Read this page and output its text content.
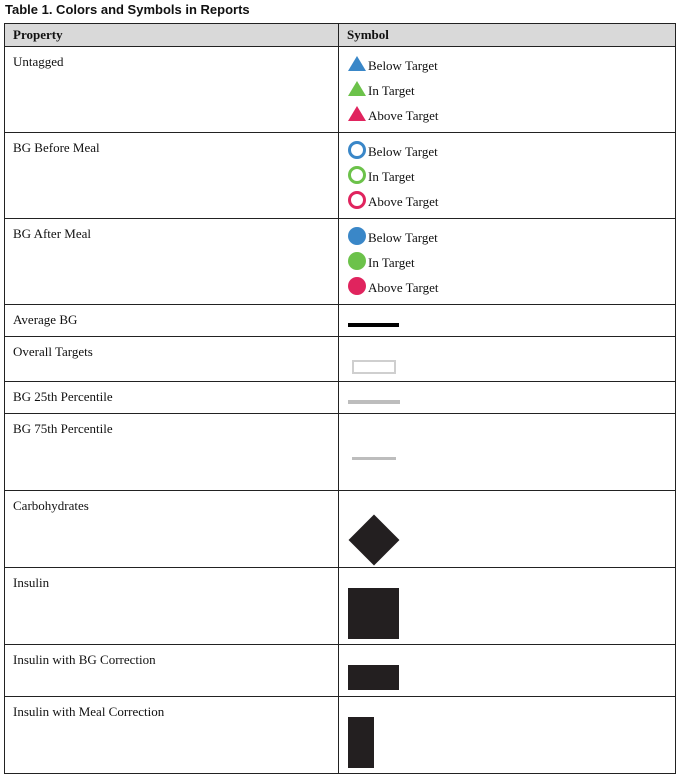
Table 1. Colors and Symbols in Reports
Property	Symbol
Untagged	Below Target
In Target
Above Target

BG Before Meal	Below Target
In Target
Above Target

BG After Meal	Below Target
In Target
Above Target

Average BG	

Overall Targets	

BG 25th Percentile	

BG 75th Percentile	

Carbohydrates	

Insulin	

Insulin with BG Correction	

Insulin with Meal Correction	
